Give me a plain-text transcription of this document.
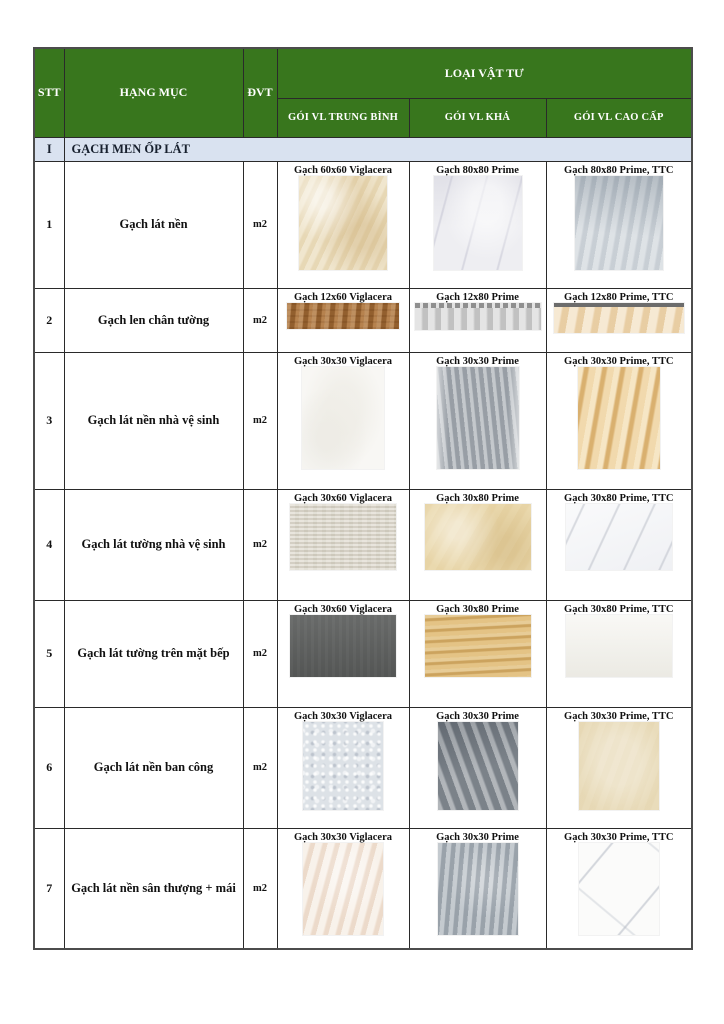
STT	HẠNG MỤC	ĐVT	LOẠI VẬT TƯ		
			GÓI VL TRUNG BÌNH	GÓI VL KHÁ	GÓI VL CAO CẤP
I	GẠCH MEN ỐP LÁT				
1	Gạch lát nền	m2	Gạch 60x60 Viglacera	Gạch 80x80 Prime	Gạch 80x80 Prime, TTC

2	Gạch len chân tường	m2	Gạch 12x60 Viglacera	Gạch 12x80 Prime	Gạch 12x80 Prime, TTC

3	Gạch lát nền nhà vệ sinh	m2	Gạch 30x30 Viglacera	Gạch 30x30 Prime	Gạch 30x30 Prime, TTC

4	Gạch lát tường nhà vệ sinh	m2	Gạch 30x60 Viglacera	Gạch 30x80 Prime	Gạch 30x80 Prime, TTC

5	Gạch lát tường trên mặt bếp	m2	Gạch 30x60 Viglacera	Gạch 30x80 Prime	Gạch 30x80 Prime, TTC

6	Gạch lát nền ban công	m2	Gạch 30x30 Viglacera	Gạch 30x30 Prime	Gạch 30x30 Prime, TTC

7	Gạch lát nền sân thượng + mái	m2	Gạch 30x30 Viglacera	Gạch 30x30 Prime	Gạch 30x30 Prime, TTC
